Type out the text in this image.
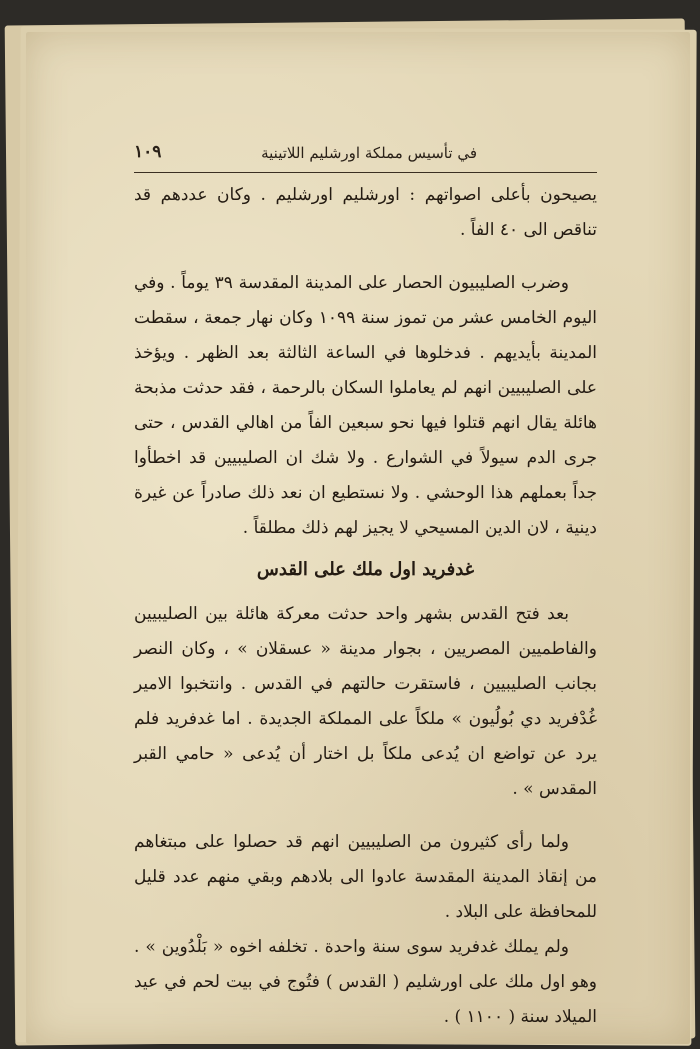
في تأسيس مملكة اورشليم اللاتينية
١٠٩

يصيحون بأعلى اصواتهم : اورشليم اورشليم . وكان عددهم قد تناقص الى ٤٠ الفاً .

وضرب الصليبيون الحصار على المدينة المقدسة ٣٩ يوماً . وفي اليوم الخامس عشر من تموز سنة ١٠٩٩ وكان نهار جمعة ، سقطت المدينة بأيديهم . فدخلوها في الساعة الثالثة بعد الظهر . ويؤخذ على الصليبيين انهم لم يعاملوا السكان بالرحمة ، فقد حدثت مذبحة هائلة يقال انهم قتلوا فيها نحو سبعين الفاً من اهالي القدس ، حتى جرى الدم سيولاً في الشوارع . ولا شك ان الصليبيين قد اخطأوا جداً بعملهم هذا الوحشي . ولا نستطيع ان نعد ذلك صادراً عن غيرة دينية ، لان الدين المسيحي لا يجيز لهم ذلك مطلقاً .

غدفريد اول ملك على القدس

بعد فتح القدس بشهر واحد حدثت معركة هائلة بين الصليبيين والفاطميين المصريين ، بجوار مدينة « عسقلان » ، وكان النصر بجانب الصليبيين ، فاستقرت حالتهم في القدس . وانتخبوا الامير غُدْفريد دي بُولُيون » ملكاً على المملكة الجديدة . اما غدفريد فلم يرد عن تواضع ان يُدعى ملكاً بل اختار أن يُدعى « حامي القبر المقدس » .

ولما رأى كثيرون من الصليبيين انهم قد حصلوا على مبتغاهم من إنقاذ المدينة المقدسة عادوا الى بلادهم وبقي منهم عدد قليل للمحافظة على البلاد .

ولم يملك غدفريد سوى سنة واحدة . تخلفه اخوه « بَلْدُوين » . وهو اول ملك على اورشليم ( القدس ) فتُوج في بيت لحم في عيد الميلاد سنة ( ١١٠٠ ) .
